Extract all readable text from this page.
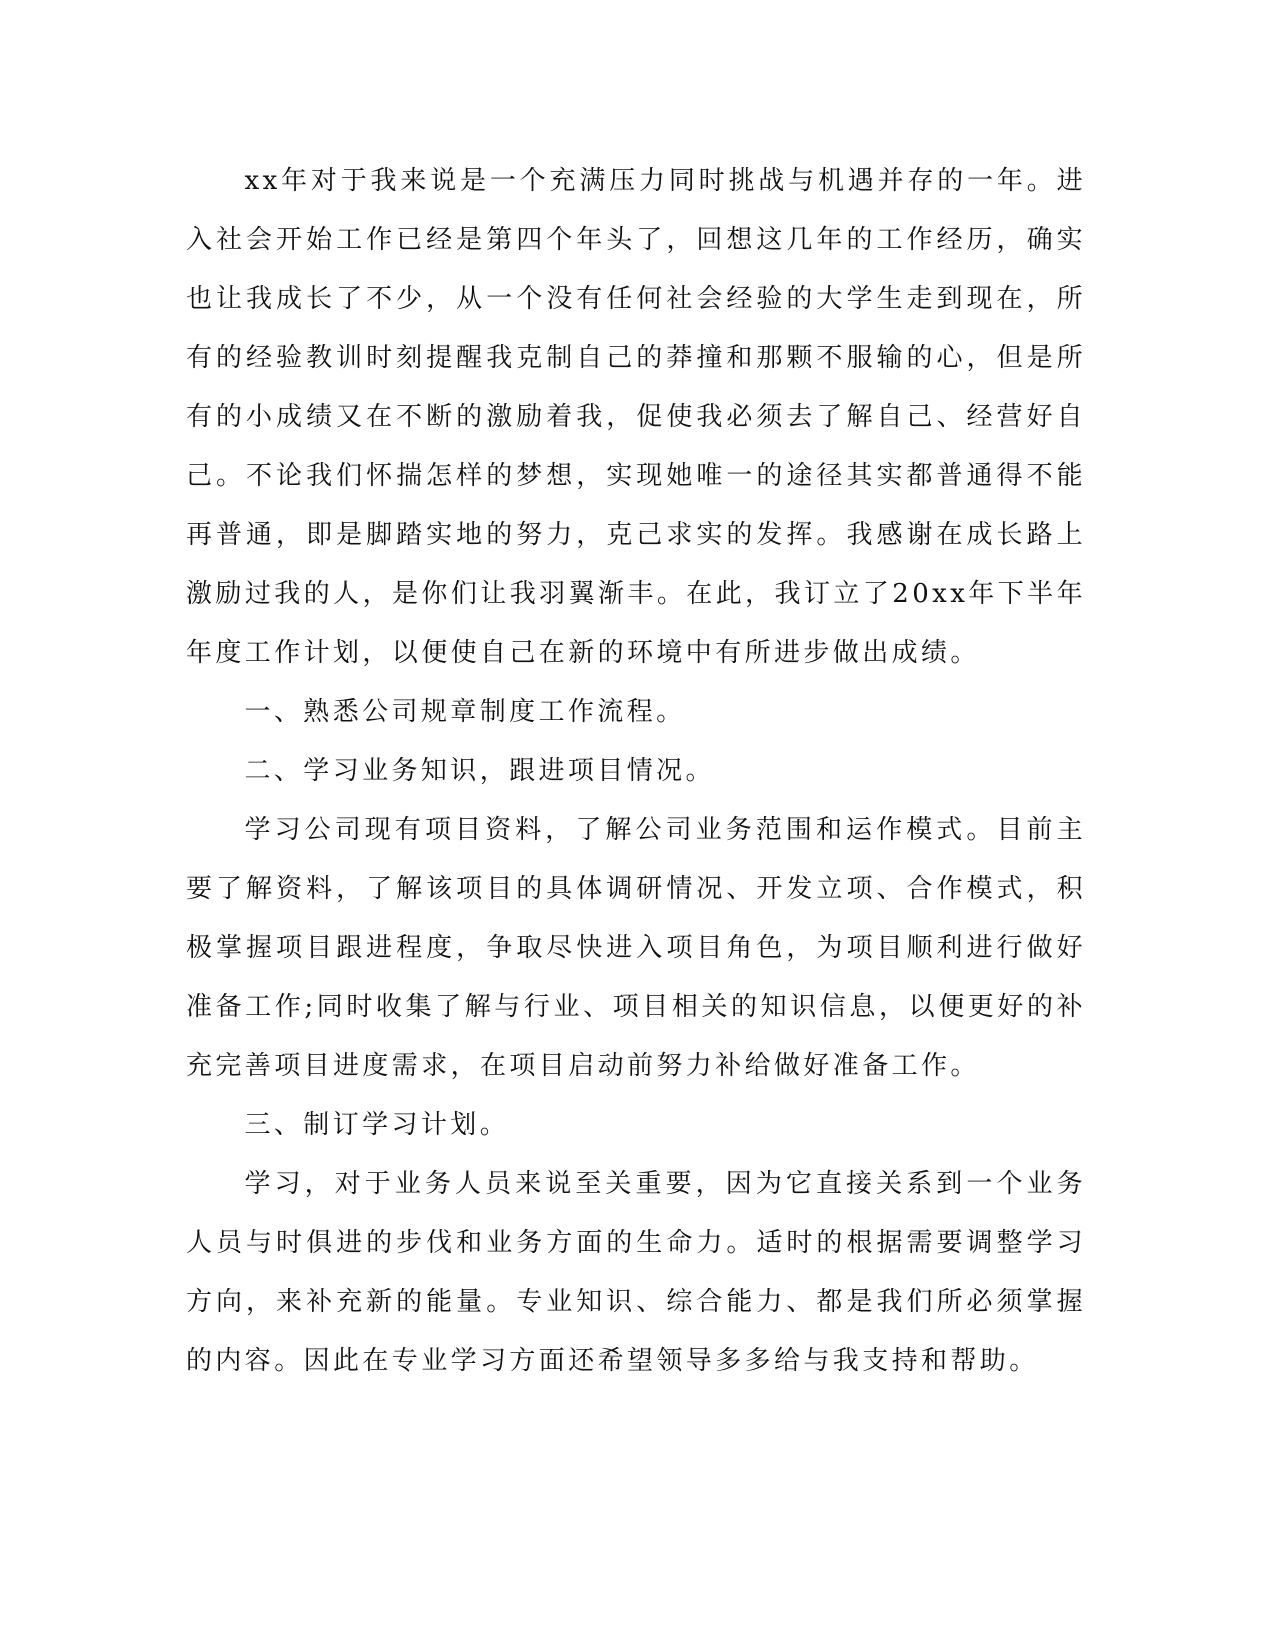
xx年对于我来说是一个充满压力同时挑战与机遇并存的一年。进入社会开始工作已经是第四个年头了，回想这几年的工作经历，确实也让我成长了不少，从一个没有任何社会经验的大学生走到现在，所有的经验教训时刻提醒我克制自己的莽撞和那颗不服输的心，但是所有的小成绩又在不断的激励着我，促使我必须去了解自己、经营好自己。不论我们怀揣怎样的梦想，实现她唯一的途径其实都普通得不能再普通，即是脚踏实地的努力，克己求实的发挥。我感谢在成长路上激励过我的人，是你们让我羽翼渐丰。在此，我订立了20xx年下半年年度工作计划，以便使自己在新的环境中有所进步做出成绩。

一、熟悉公司规章制度工作流程。

二、学习业务知识，跟进项目情况。

学习公司现有项目资料，了解公司业务范围和运作模式。目前主要了解资料，了解该项目的具体调研情况、开发立项、合作模式，积极掌握项目跟进程度，争取尽快进入项目角色，为项目顺利进行做好准备工作;同时收集了解与行业、项目相关的知识信息，以便更好的补充完善项目进度需求，在项目启动前努力补给做好准备工作。

三、制订学习计划。

学习，对于业务人员来说至关重要，因为它直接关系到一个业务人员与时俱进的步伐和业务方面的生命力。适时的根据需要调整学习方向，来补充新的能量。专业知识、综合能力、都是我们所必须掌握的内容。因此在专业学习方面还希望领导多多给与我支持和帮助。
